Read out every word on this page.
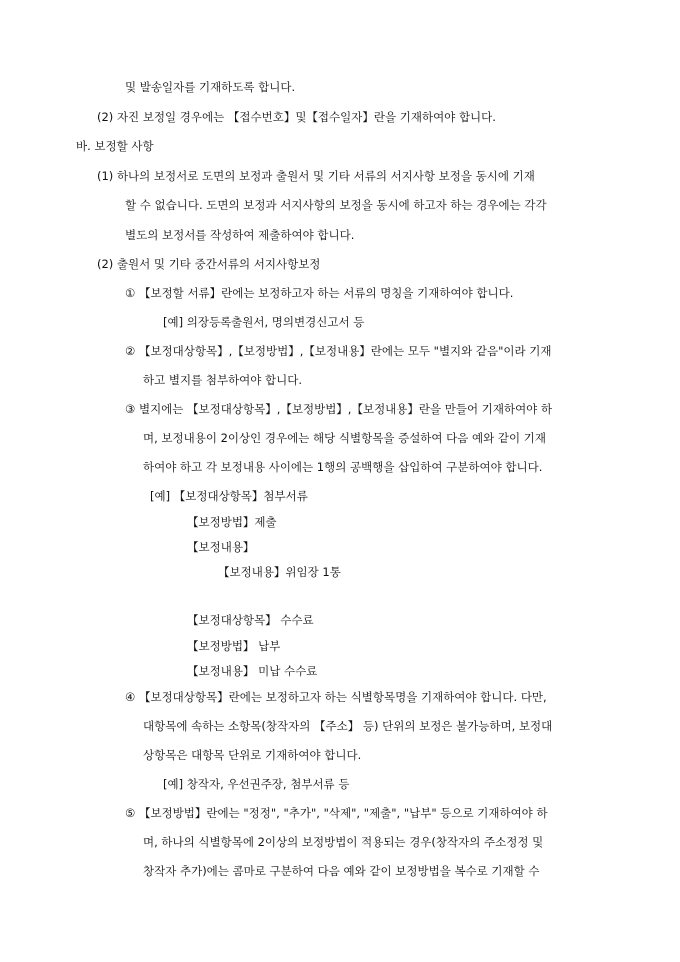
및 발송일자를 기재하도록 합니다.
(2) 자진 보정일 경우에는 【접수번호】및【접수일자】란을 기재하여야 합니다.
바. 보정할 사항
(1) 하나의 보정서로 도면의 보정과 출원서 및 기타 서류의 서지사항 보정을 동시에 기재
할 수 없습니다. 도면의 보정과 서지사항의 보정을 동시에 하고자 하는 경우에는 각각
별도의 보정서를 작성하여 제출하여야 합니다.
(2) 출원서 및 기타 중간서류의 서지사항보정
① 【보정할 서류】란에는 보정하고자 하는 서류의 명칭을 기재하여야 합니다.
[예] 의장등록출원서, 명의변경신고서 등
② 【보정대상항목】,【보정방법】,【보정내용】란에는 모두 "별지와 같음"이라 기재
하고 별지를 첨부하여야 합니다.
③ 별지에는 【보정대상항목】,【보정방법】,【보정내용】란을 만들어 기재하여야 하
며, 보정내용이 2이상인 경우에는 해당 식별항목을 증설하여 다음 예와 같이 기재
하여야 하고 각 보정내용 사이에는 1행의 공백행을 삽입하여 구분하여야 합니다.
[예] 【보정대상항목】첨부서류
【보정방법】제출
【보정내용】
【보정내용】위임장 1통
【보정대상항목】 수수료
【보정방법】 납부
【보정내용】 미납 수수료
④ 【보정대상항목】란에는 보정하고자 하는 식별항목명을 기재하여야 합니다. 다만,
대항목에 속하는 소항목(창작자의 【주소】 등) 단위의 보정은 불가능하며, 보정대
상항목은 대항목 단위로 기재하여야 합니다.
[예] 창작자, 우선권주장, 첨부서류 등
⑤ 【보정방법】란에는 "정정", "추가", "삭제", "제출", "납부" 등으로 기재하여야 하
며, 하나의 식별항목에 2이상의 보정방법이 적용되는 경우(창작자의 주소정정 및
창작자 추가)에는 콤마로 구분하여 다음 예와 같이 보정방법을 복수로 기재할 수
